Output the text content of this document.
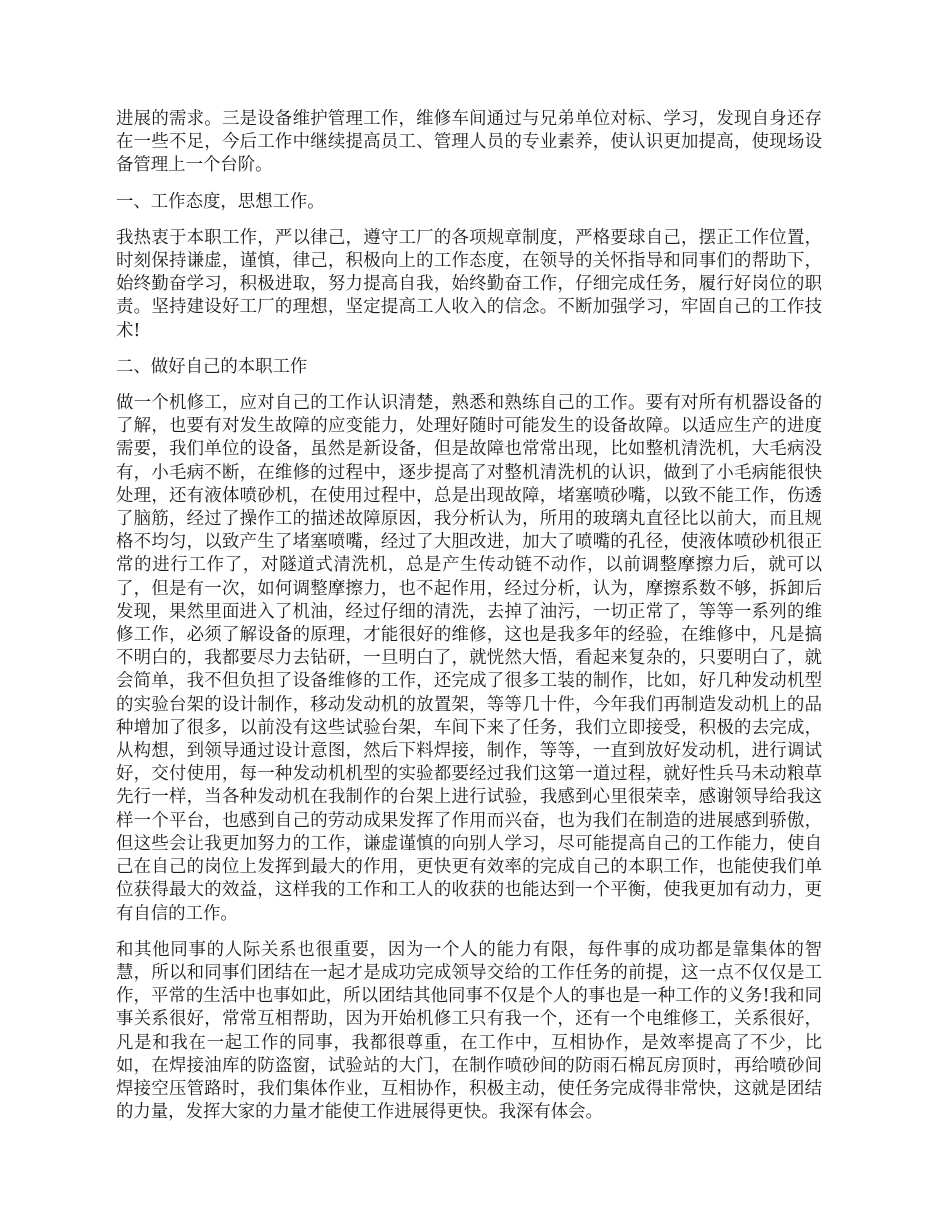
进展的需求。三是设备维护管理工作，维修车间通过与兄弟单位对标、学习，发现自身还存在一些不足，今后工作中继续提高员工、管理人员的专业素养，使认识更加提高，使现场设备管理上一个台阶。

一、工作态度，思想工作。

我热衷于本职工作，严以律己，遵守工厂的各项规章制度，严格要球自己，摆正工作位置，时刻保持谦虚，谨慎，律己，积极向上的工作态度，在领导的关怀指导和同事们的帮助下，始终勤奋学习，积极进取，努力提高自我，始终勤奋工作，仔细完成任务，履行好岗位的职责。坚持建设好工厂的理想，坚定提高工人收入的信念。不断加强学习，牢固自己的工作技术!

二、做好自己的本职工作

做一个机修工，应对自己的工作认识清楚，熟悉和熟练自己的工作。要有对所有机器设备的了解，也要有对发生故障的应变能力，处理好随时可能发生的设备故障。以适应生产的进度需要，我们单位的设备，虽然是新设备，但是故障也常常出现，比如整机清洗机，大毛病没有，小毛病不断，在维修的过程中，逐步提高了对整机清洗机的认识，做到了小毛病能很快处理，还有液体喷砂机，在使用过程中，总是出现故障，堵塞喷砂嘴，以致不能工作，伤透了脑筋，经过了操作工的描述故障原因，我分析认为，所用的玻璃丸直径比以前大，而且规格不均匀，以致产生了堵塞喷嘴，经过了大胆改进，加大了喷嘴的孔径，使液体喷砂机很正常的进行工作了，对隧道式清洗机，总是产生传动链不动作，以前调整摩擦力后，就可以了，但是有一次，如何调整摩擦力，也不起作用，经过分析，认为，摩擦系数不够，拆卸后发现，果然里面进入了机油，经过仔细的清洗，去掉了油污，一切正常了，等等一系列的维修工作，必须了解设备的原理，才能很好的维修，这也是我多年的经验，在维修中，凡是搞不明白的，我都要尽力去钻研，一旦明白了，就恍然大悟，看起来复杂的，只要明白了，就会简单，我不但负担了设备维修的工作，还完成了很多工装的制作，比如，好几种发动机型的实验台架的设计制作，移动发动机的放置架，等等几十件，今年我们再制造发动机上的品种增加了很多，以前没有这些试验台架，车间下来了任务，我们立即接受，积极的去完成，从构想，到领导通过设计意图，然后下料焊接，制作，等等，一直到放好发动机，进行调试好，交付使用，每一种发动机机型的实验都要经过我们这第一道过程，就好性兵马未动粮草先行一样，当各种发动机在我制作的台架上进行试验，我感到心里很荣幸，感谢领导给我这样一个平台，也感到自己的劳动成果发挥了作用而兴奋，也为我们在制造的进展感到骄傲，但这些会让我更加努力的工作，谦虚谨慎的向别人学习，尽可能提高自己的工作能力，使自己在自己的岗位上发挥到最大的作用，更快更有效率的完成自己的本职工作，也能使我们单位获得最大的效益，这样我的工作和工人的收获的也能达到一个平衡，使我更加有动力，更有自信的工作。

和其他同事的人际关系也很重要，因为一个人的能力有限，每件事的成功都是靠集体的智慧，所以和同事们团结在一起才是成功完成领导交给的工作任务的前提，这一点不仅仅是工作，平常的生活中也事如此，所以团结其他同事不仅是个人的事也是一种工作的义务!我和同事关系很好，常常互相帮助，因为开始机修工只有我一个，还有一个电维修工，关系很好，凡是和我在一起工作的同事，我都很尊重，在工作中，互相协作，是效率提高了不少，比如，在焊接油库的防盗窗，试验站的大门，在制作喷砂间的防雨石棉瓦房顶时，再给喷砂间焊接空压管路时，我们集体作业，互相协作，积极主动，使任务完成得非常快，这就是团结的力量，发挥大家的力量才能使工作进展得更快。我深有体会。
